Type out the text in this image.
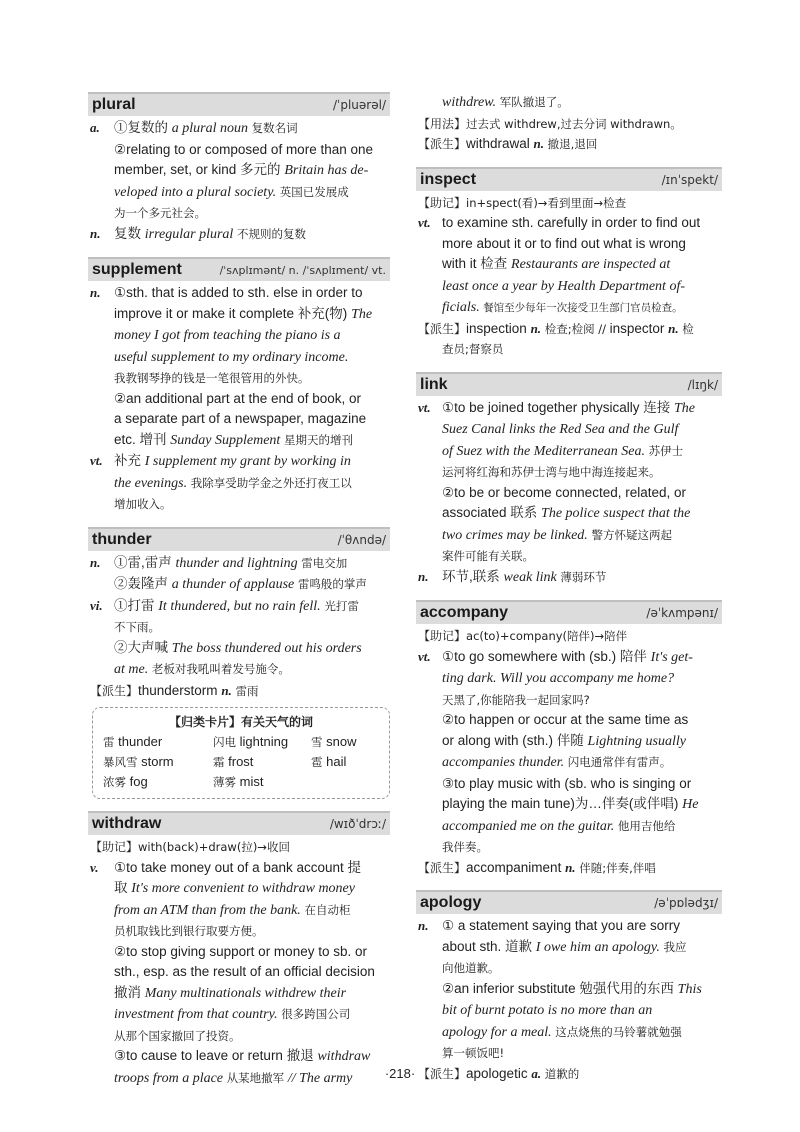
plural	/ˈpluərəl/
a. ①复数的 a plural noun 复数名词
②relating to or composed of more than one
member, set, or kind 多元的 Britain has de-
veloped into a plural society. 英国已发展成
为一个多元社会。
n. 复数 irregular plural 不规则的复数
supplement	/ˈsʌplɪmənt/ n. /ˈsʌplɪment/ vt.
n. ①sth. that is added to sth. else in order to
improve it or make it complete 补充(物) The
money I got from teaching the piano is a
useful supplement to my ordinary income.
我教钢琴挣的钱是一笔很管用的外快。
②an additional part at the end of book, or
a separate part of a newspaper, magazine
etc. 增刊 Sunday Supplement 星期天的增刊
vt. 补充 I supplement my grant by working in
the evenings. 我除享受助学金之外还打夜工以
增加收入。
thunder	/ˈθʌndə/
n. ①雷,雷声 thunder and lightning 雷电交加
②轰隆声 a thunder of applause 雷鸣般的掌声
vi. ①打雷 It thundered, but no rain fell. 光打雷
不下雨。
②大声喊 The boss thundered out his orders
at me. 老板对我吼叫着发号施令。
【派生】thunderstorm n. 雷雨
【归类卡片】有关天气的词
雷 thunder	闪电 lightning	雪 snow
暴风雪 storm	霜 frost	雹 hail
浓雾 fog	薄雾 mist
withdraw	/wɪðˈdrɔː/
【助记】with(back)+draw(拉)→收回
v. ①to take money out of a bank account 提
取 It's more convenient to withdraw money
from an ATM than from the bank. 在自动柜
员机取钱比到银行取要方便。
②to stop giving support or money to sb. or
sth., esp. as the result of an official decision
撤消 Many multinationals withdrew their
investment from that country. 很多跨国公司
从那个国家撤回了投资。
③to cause to leave or return 撤退 withdraw
troops from a place 从某地撤军 // The army
withdrew. 军队撤退了。
【用法】过去式 withdrew,过去分词 withdrawn。
【派生】withdrawal n. 撤退,退回
inspect	/ɪnˈspekt/
【助记】in+spect(看)→看到里面→检查
vt. to examine sth. carefully in order to find out
more about it or to find out what is wrong
with it 检查 Restaurants are inspected at
least once a year by Health Department of-
ficials. 餐馆至少每年一次接受卫生部门官员检查。
【派生】inspection n. 检查;检阅 // inspector n. 检
查员;督察员
link	/lɪŋk/
vt. ①to be joined together physically 连接 The
Suez Canal links the Red Sea and the Gulf
of Suez with the Mediterranean Sea. 苏伊士
运河将红海和苏伊士湾与地中海连接起来。
②to be or become connected, related, or
associated 联系 The police suspect that the
two crimes may be linked. 警方怀疑这两起
案件可能有关联。
n. 环节,联系 weak link 薄弱环节
accompany	/əˈkʌmpənɪ/
【助记】ac(to)+company(陪伴)→陪伴
vt. ①to go somewhere with (sb.) 陪伴 It's get-
ting dark. Will you accompany me home?
天黑了,你能陪我一起回家吗?
②to happen or occur at the same time as
or along with (sth.) 伴随 Lightning usually
accompanies thunder. 闪电通常伴有雷声。
③to play music with (sb. who is singing or
playing the main tune)为…伴奏(或伴唱) He
accompanied me on the guitar. 他用吉他给
我伴奏。
【派生】accompaniment n. 伴随;伴奏,伴唱
apology	/əˈpɒlədʒɪ/
n. ① a statement saying that you are sorry
about sth. 道歉 I owe him an apology. 我应
向他道歉。
②an inferior substitute 勉强代用的东西 This
bit of burnt potato is no more than an
apology for a meal. 这点烧焦的马铃薯就勉强
算一顿饭吧!
【派生】apologetic a. 道歉的
·218·
